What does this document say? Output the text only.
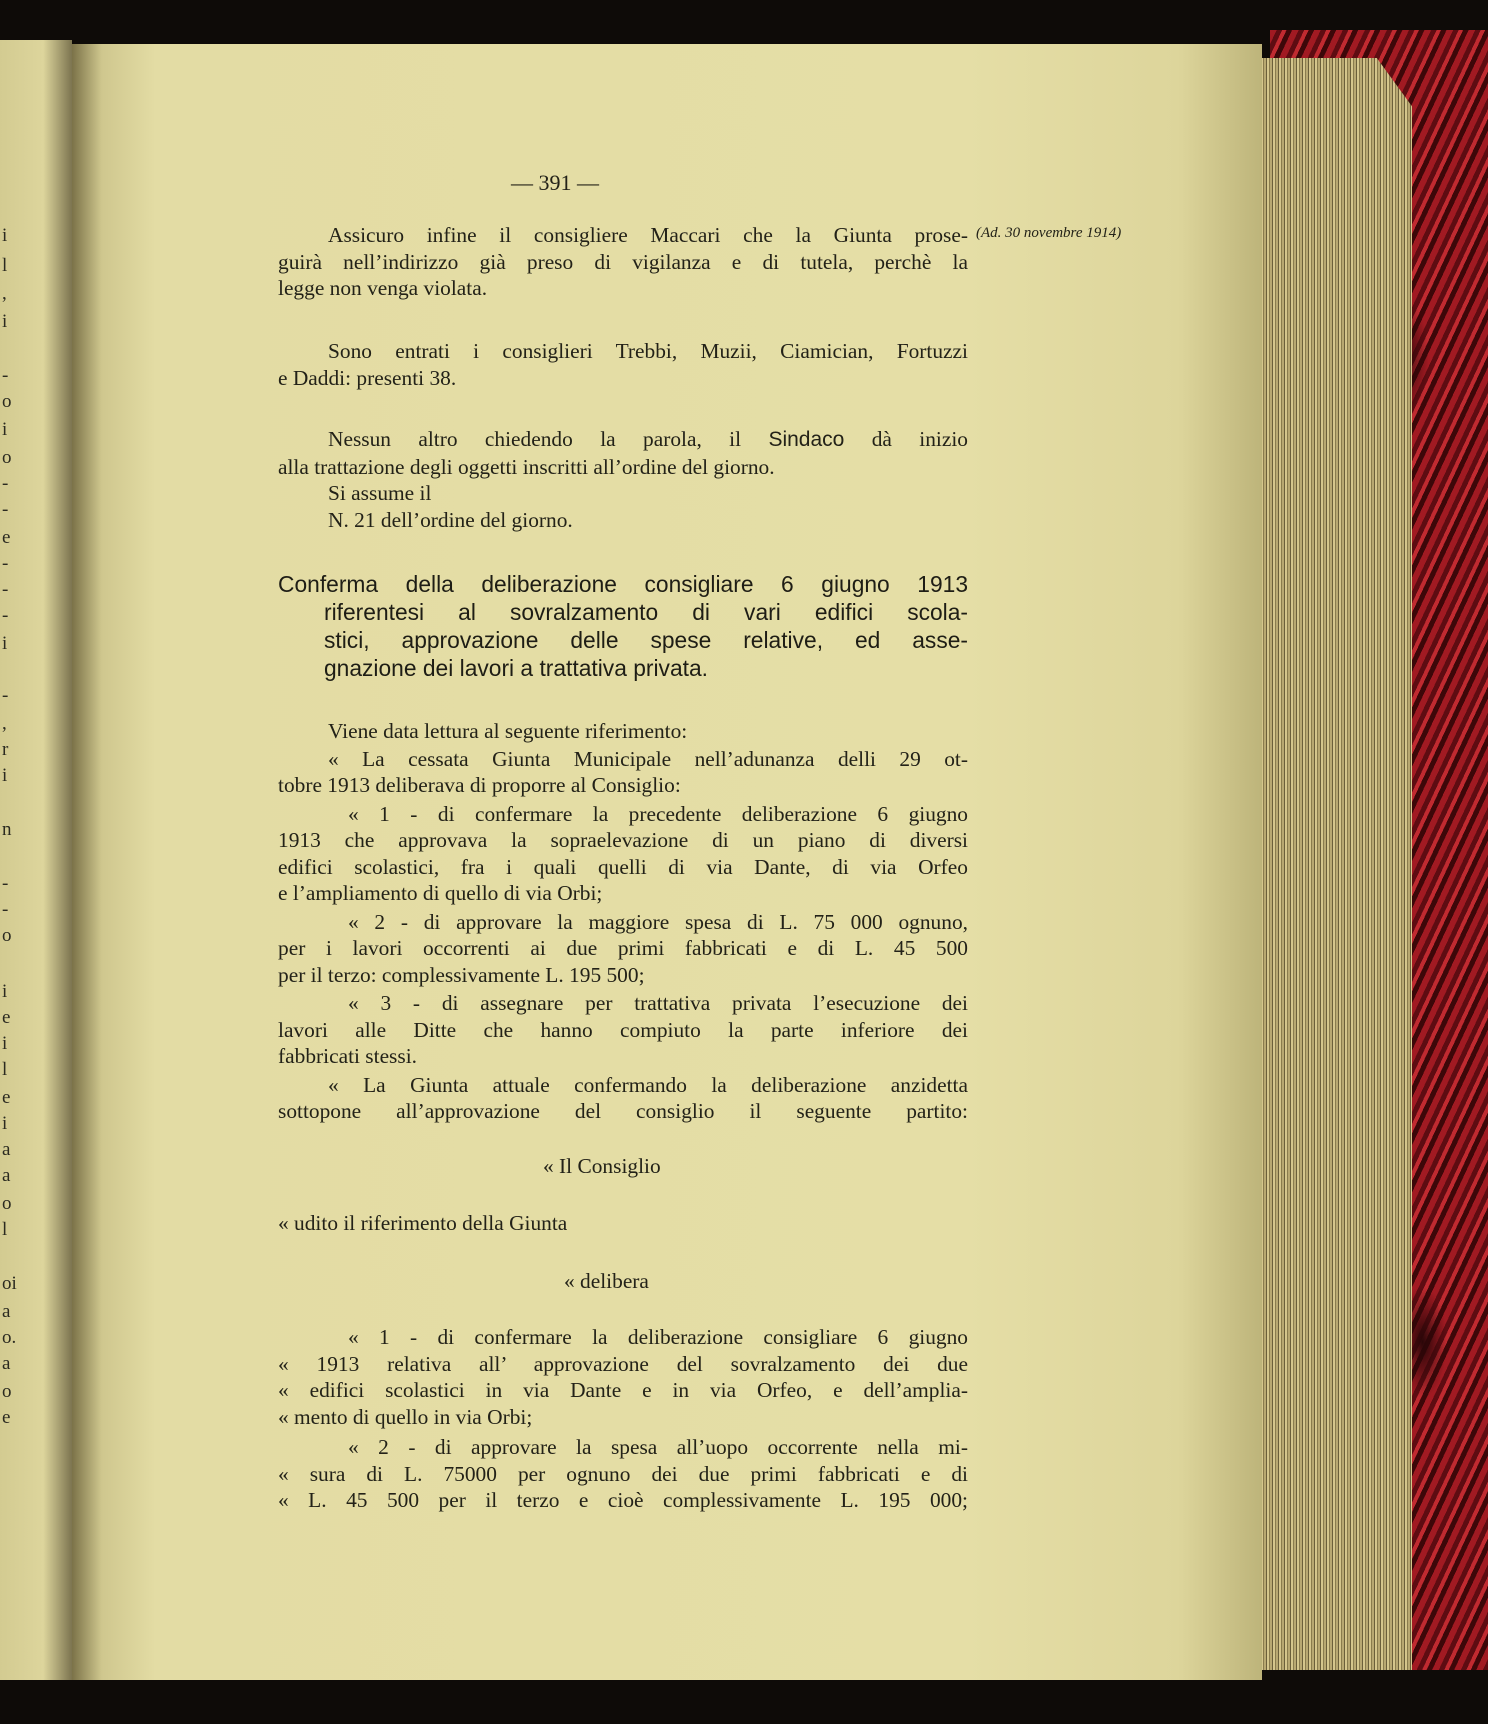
i
l
,
i
-
o
i
o
-
-
e
-
-
-
i
-
,
r
i
n
-
-
o
i
e
i
l
e
i
a
a
o
l
oi
a
o.
a
o
e
— 391 —
(Ad. 30 novembre 1914)

Assicuro infine il consigliere Maccari che la Giunta prose-

guirà nell’indirizzo già preso di vigilanza e di tutela, perchè la

legge non venga violata.

Sono entrati i consiglieri Trebbi, Muzii, Ciamician, Fortuzzi

e Daddi: presenti 38.

Nessun altro chiedendo la parola, il Sindaco dà inizio

alla trattazione degli oggetti inscritti all’ordine del giorno.

Si assume il

N. 21 dell’ordine del giorno.

Conferma della deliberazione consigliare 6 giugno 1913

riferentesi al sovralzamento di vari edifici scola-

stici, approvazione delle spese relative, ed asse-

gnazione dei lavori a trattativa privata.

Viene data lettura al seguente riferimento:

« La cessata Giunta Municipale nell’adunanza delli 29 ot-

tobre 1913 deliberava di proporre al Consiglio:

« 1 - di confermare la precedente deliberazione 6 giugno

1913 che approvava la sopraelevazione di un piano di diversi

edifici scolastici, fra i quali quelli di via Dante, di via Orfeo

e l’ampliamento di quello di via Orbi;

« 2 - di approvare la maggiore spesa di L. 75 000 ognuno,

per i lavori occorrenti ai due primi fabbricati e di L. 45 500

per il terzo: complessivamente L. 195 500;

« 3 - di assegnare per trattativa privata l’esecuzione dei

lavori alle Ditte che hanno compiuto la parte inferiore dei

fabbricati stessi.

« La Giunta attuale confermando la deliberazione anzidetta

sottopone all’approvazione del consiglio il seguente partito:

« Il Consiglio

« udito il riferimento della Giunta

« delibera

« 1 - di confermare la deliberazione consigliare 6 giugno

« 1913 relativa all’ approvazione del sovralzamento dei due

« edifici scolastici in via Dante e in via Orfeo, e dell’amplia-

« mento di quello in via Orbi;

« 2 - di approvare la spesa all’uopo occorrente nella mi-

« sura di L. 75000 per ognuno dei due primi fabbricati e di

« L. 45 500 per il terzo e cioè complessivamente L. 195 000;
